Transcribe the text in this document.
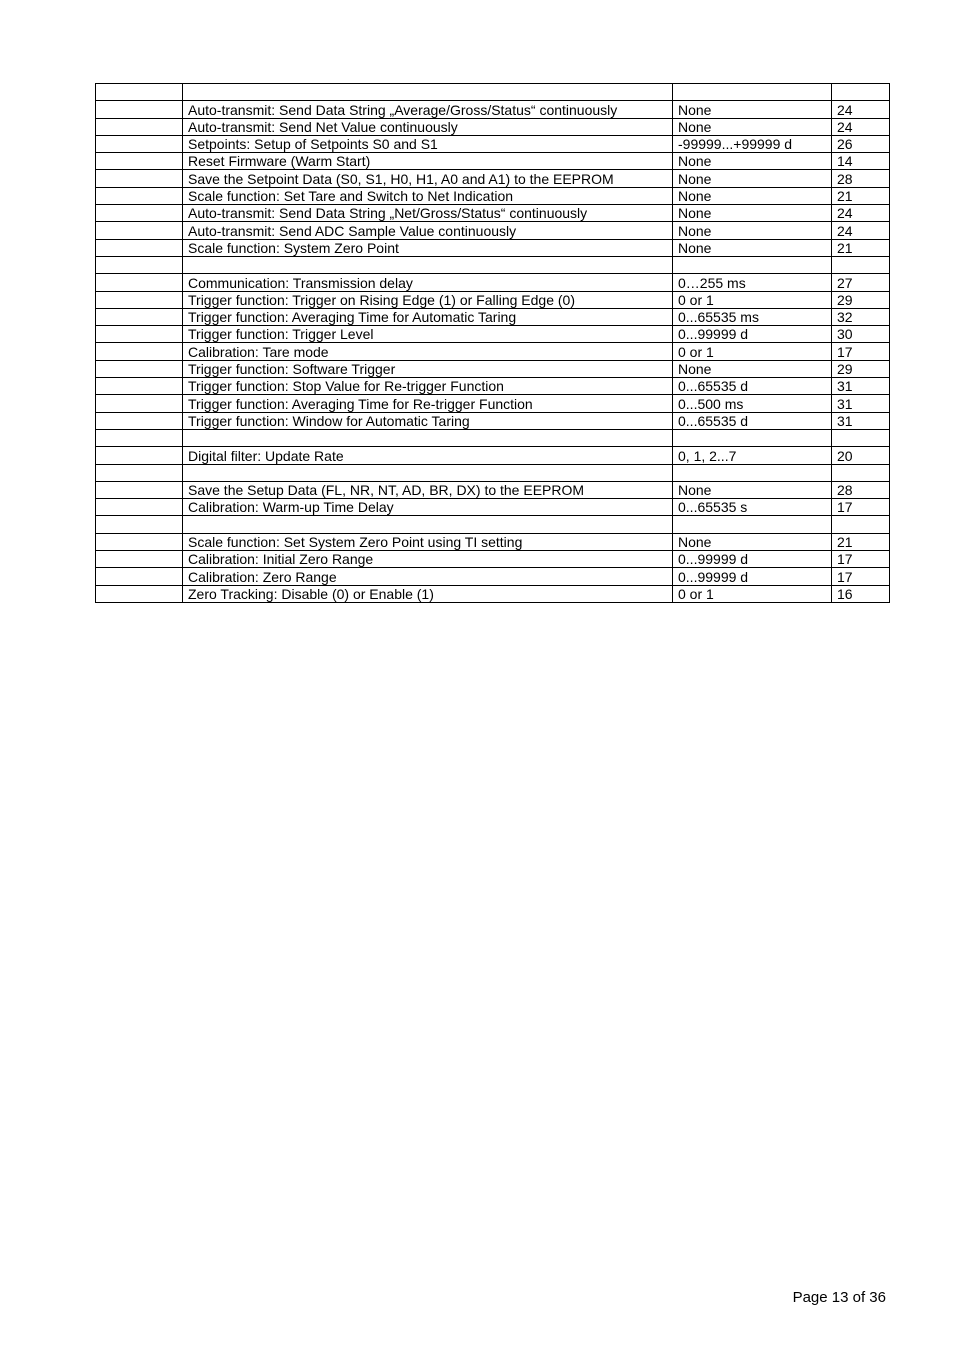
	Auto-transmit: Send Data String „Average/Gross/Status“ continuously	None	24
	Auto-transmit: Send Net Value continuously	None	24
	Setpoints: Setup of Setpoints S0 and S1	-99999...+99999 d	26
	Reset Firmware (Warm Start)	None	14
	Save the Setpoint Data (S0, S1, H0, H1, A0 and A1) to the EEPROM	None	28
	Scale function: Set Tare and Switch to Net Indication	None	21
	Auto-transmit: Send Data String „Net/Gross/Status“ continuously	None	24
	Auto-transmit: Send ADC Sample Value continuously	None	24
	Scale function: System Zero Point	None	21

	Communication: Transmission delay	0…255 ms	27
	Trigger function: Trigger on Rising Edge (1) or Falling Edge (0)	0 or 1	29
	Trigger function: Averaging Time for Automatic Taring	0...65535 ms	32
	Trigger function: Trigger Level	0...99999 d	30
	Calibration: Tare mode	0 or 1	17
	Trigger function: Software Trigger	None	29
	Trigger function: Stop Value for Re-trigger Function	0...65535 d	31
	Trigger function: Averaging Time for Re-trigger Function	0...500 ms	31
	Trigger function: Window for Automatic Taring	0...65535 d	31

	Digital filter: Update Rate	0, 1, 2...7	20

	Save the Setup Data (FL, NR, NT, AD, BR, DX) to the EEPROM	None	28
	Calibration: Warm-up Time Delay	0...65535 s	17

	Scale function: Set System Zero Point using TI setting	None	21
	Calibration: Initial Zero Range	0...99999 d	17
	Calibration: Zero Range	0...99999 d	17
	Zero Tracking: Disable (0) or Enable (1)	0 or 1	16
Page 13 of 36
